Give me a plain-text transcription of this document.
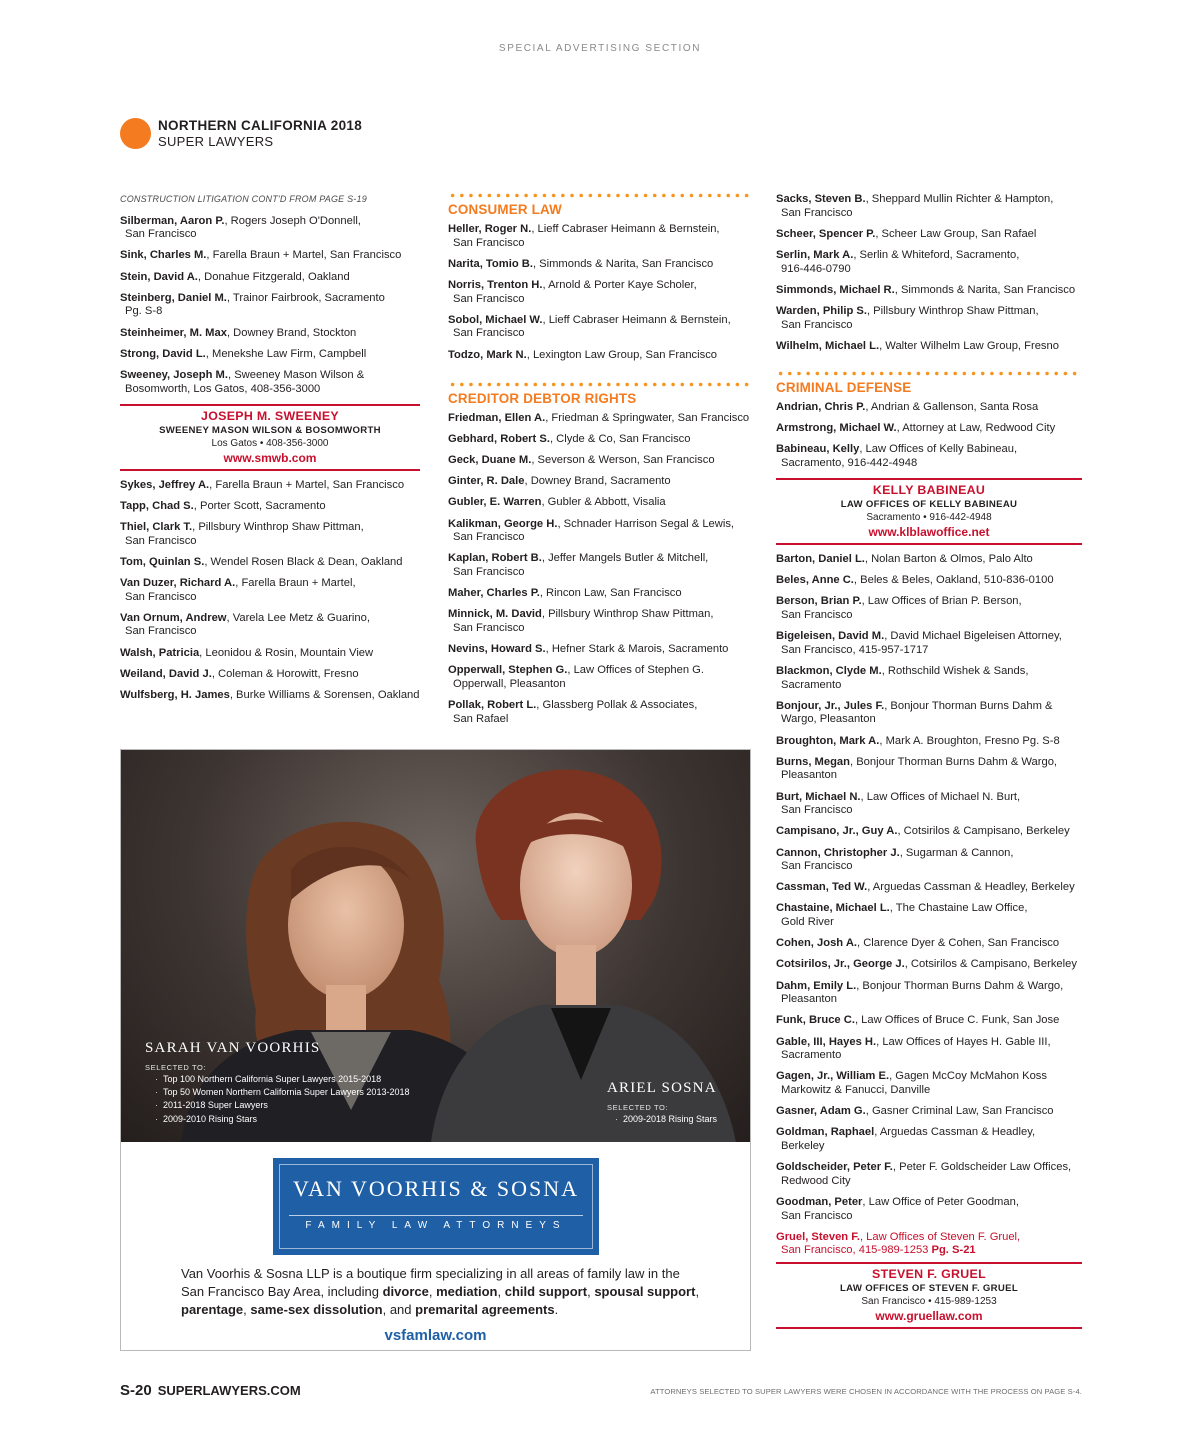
SPECIAL ADVERTISING SECTION
NORTHERN CALIFORNIA 2018
SUPER LAWYERS
CONSTRUCTION LITIGATION CONT'D FROM PAGE S-19
Silberman, Aaron P., Rogers Joseph O'Donnell,
San Francisco
Sink, Charles M., Farella Braun + Martel, San Francisco
Stein, David A., Donahue Fitzgerald, Oakland
Steinberg, Daniel M., Trainor Fairbrook, Sacramento
Pg. S-8
Steinheimer, M. Max, Downey Brand, Stockton
Strong, David L., Menekshe Law Firm, Campbell
Sweeney, Joseph M., Sweeney Mason Wilson &
Bosomworth, Los Gatos, 408-356-3000
JOSEPH M. SWEENEY
SWEENEY MASON WILSON & BOSOMWORTH
Los Gatos • 408-356-3000
www.smwb.com
Sykes, Jeffrey A., Farella Braun + Martel, San Francisco
Tapp, Chad S., Porter Scott, Sacramento
Thiel, Clark T., Pillsbury Winthrop Shaw Pittman,
San Francisco
Tom, Quinlan S., Wendel Rosen Black & Dean, Oakland
Van Duzer, Richard A., Farella Braun + Martel,
San Francisco
Van Ornum, Andrew, Varela Lee Metz & Guarino,
San Francisco
Walsh, Patricia, Leonidou & Rosin, Mountain View
Weiland, David J., Coleman & Horowitt, Fresno
Wulfsberg, H. James, Burke Williams & Sorensen, Oakland
CONSUMER LAW
Heller, Roger N., Lieff Cabraser Heimann & Bernstein,
San Francisco
Narita, Tomio B., Simmonds & Narita, San Francisco
Norris, Trenton H., Arnold & Porter Kaye Scholer,
San Francisco
Sobol, Michael W., Lieff Cabraser Heimann & Bernstein,
San Francisco
Todzo, Mark N., Lexington Law Group, San Francisco
CREDITOR DEBTOR RIGHTS
Friedman, Ellen A., Friedman & Springwater, San Francisco
Gebhard, Robert S., Clyde & Co, San Francisco
Geck, Duane M., Severson & Werson, San Francisco
Ginter, R. Dale, Downey Brand, Sacramento
Gubler, E. Warren, Gubler & Abbott, Visalia
Kalikman, George H., Schnader Harrison Segal & Lewis,
San Francisco
Kaplan, Robert B., Jeffer Mangels Butler & Mitchell,
San Francisco
Maher, Charles P., Rincon Law, San Francisco
Minnick, M. David, Pillsbury Winthrop Shaw Pittman,
San Francisco
Nevins, Howard S., Hefner Stark & Marois, Sacramento
Opperwall, Stephen G., Law Offices of Stephen G.
Opperwall, Pleasanton
Pollak, Robert L., Glassberg Pollak & Associates,
San Rafael
Sacks, Steven B., Sheppard Mullin Richter & Hampton,
San Francisco
Scheer, Spencer P., Scheer Law Group, San Rafael
Serlin, Mark A., Serlin & Whiteford, Sacramento,
916-446-0790
Simmonds, Michael R., Simmonds & Narita, San Francisco
Warden, Philip S., Pillsbury Winthrop Shaw Pittman,
San Francisco
Wilhelm, Michael L., Walter Wilhelm Law Group, Fresno
CRIMINAL DEFENSE
Andrian, Chris P., Andrian & Gallenson, Santa Rosa
Armstrong, Michael W., Attorney at Law, Redwood City
Babineau, Kelly, Law Offices of Kelly Babineau,
Sacramento, 916-442-4948
KELLY BABINEAU
LAW OFFICES OF KELLY BABINEAU
Sacramento • 916-442-4948
www.klblawoffice.net
Barton, Daniel L., Nolan Barton & Olmos, Palo Alto
Beles, Anne C., Beles & Beles, Oakland, 510-836-0100
Berson, Brian P., Law Offices of Brian P. Berson,
San Francisco
Bigeleisen, David M., David Michael Bigeleisen Attorney,
San Francisco, 415-957-1717
Blackmon, Clyde M., Rothschild Wishek & Sands,
Sacramento
Bonjour, Jr., Jules F., Bonjour Thorman Burns Dahm &
Wargo, Pleasanton
Broughton, Mark A., Mark A. Broughton, Fresno Pg. S-8
Burns, Megan, Bonjour Thorman Burns Dahm & Wargo,
Pleasanton
Burt, Michael N., Law Offices of Michael N. Burt,
San Francisco
Campisano, Jr., Guy A., Cotsirilos & Campisano, Berkeley
Cannon, Christopher J., Sugarman & Cannon,
San Francisco
Cassman, Ted W., Arguedas Cassman & Headley, Berkeley
Chastaine, Michael L., The Chastaine Law Office,
Gold River
Cohen, Josh A., Clarence Dyer & Cohen, San Francisco
Cotsirilos, Jr., George J., Cotsirilos & Campisano, Berkeley
Dahm, Emily L., Bonjour Thorman Burns Dahm & Wargo,
Pleasanton
Funk, Bruce C., Law Offices of Bruce C. Funk, San Jose
Gable, III, Hayes H., Law Offices of Hayes H. Gable III,
Sacramento
Gagen, Jr., William E., Gagen McCoy McMahon Koss
Markowitz & Fanucci, Danville
Gasner, Adam G., Gasner Criminal Law, San Francisco
Goldman, Raphael, Arguedas Cassman & Headley,
Berkeley
Goldscheider, Peter F., Peter F. Goldscheider Law Offices,
Redwood City
Goodman, Peter, Law Office of Peter Goodman,
San Francisco
Gruel, Steven F., Law Offices of Steven F. Gruel,
San Francisco, 415-989-1253 Pg. S-21
STEVEN F. GRUEL
LAW OFFICES OF STEVEN F. GRUEL
San Francisco • 415-989-1253
www.gruellaw.com
SARAH VAN VOORHIS
SELECTED TO:
· Top 100 Northern California Super Lawyers 2015-2018
· Top 50 Women Northern California Super Lawyers 2013-2018
· 2011-2018 Super Lawyers
· 2009-2010 Rising Stars
ARIEL SOSNA
SELECTED TO:
· 2009-2018 Rising Stars
VAN VOORHIS & SOSNA
FAMILY LAW ATTORNEYS
Van Voorhis & Sosna LLP is a boutique firm specializing in all areas of family law in the San Francisco Bay Area, including divorce, mediation, child support, spousal support, parentage, same-sex dissolution, and premarital agreements.
vsfamlaw.com
S-20 SUPERLAWYERS.COM	ATTORNEYS SELECTED TO SUPER LAWYERS WERE CHOSEN IN ACCORDANCE WITH THE PROCESS ON PAGE S-4.
